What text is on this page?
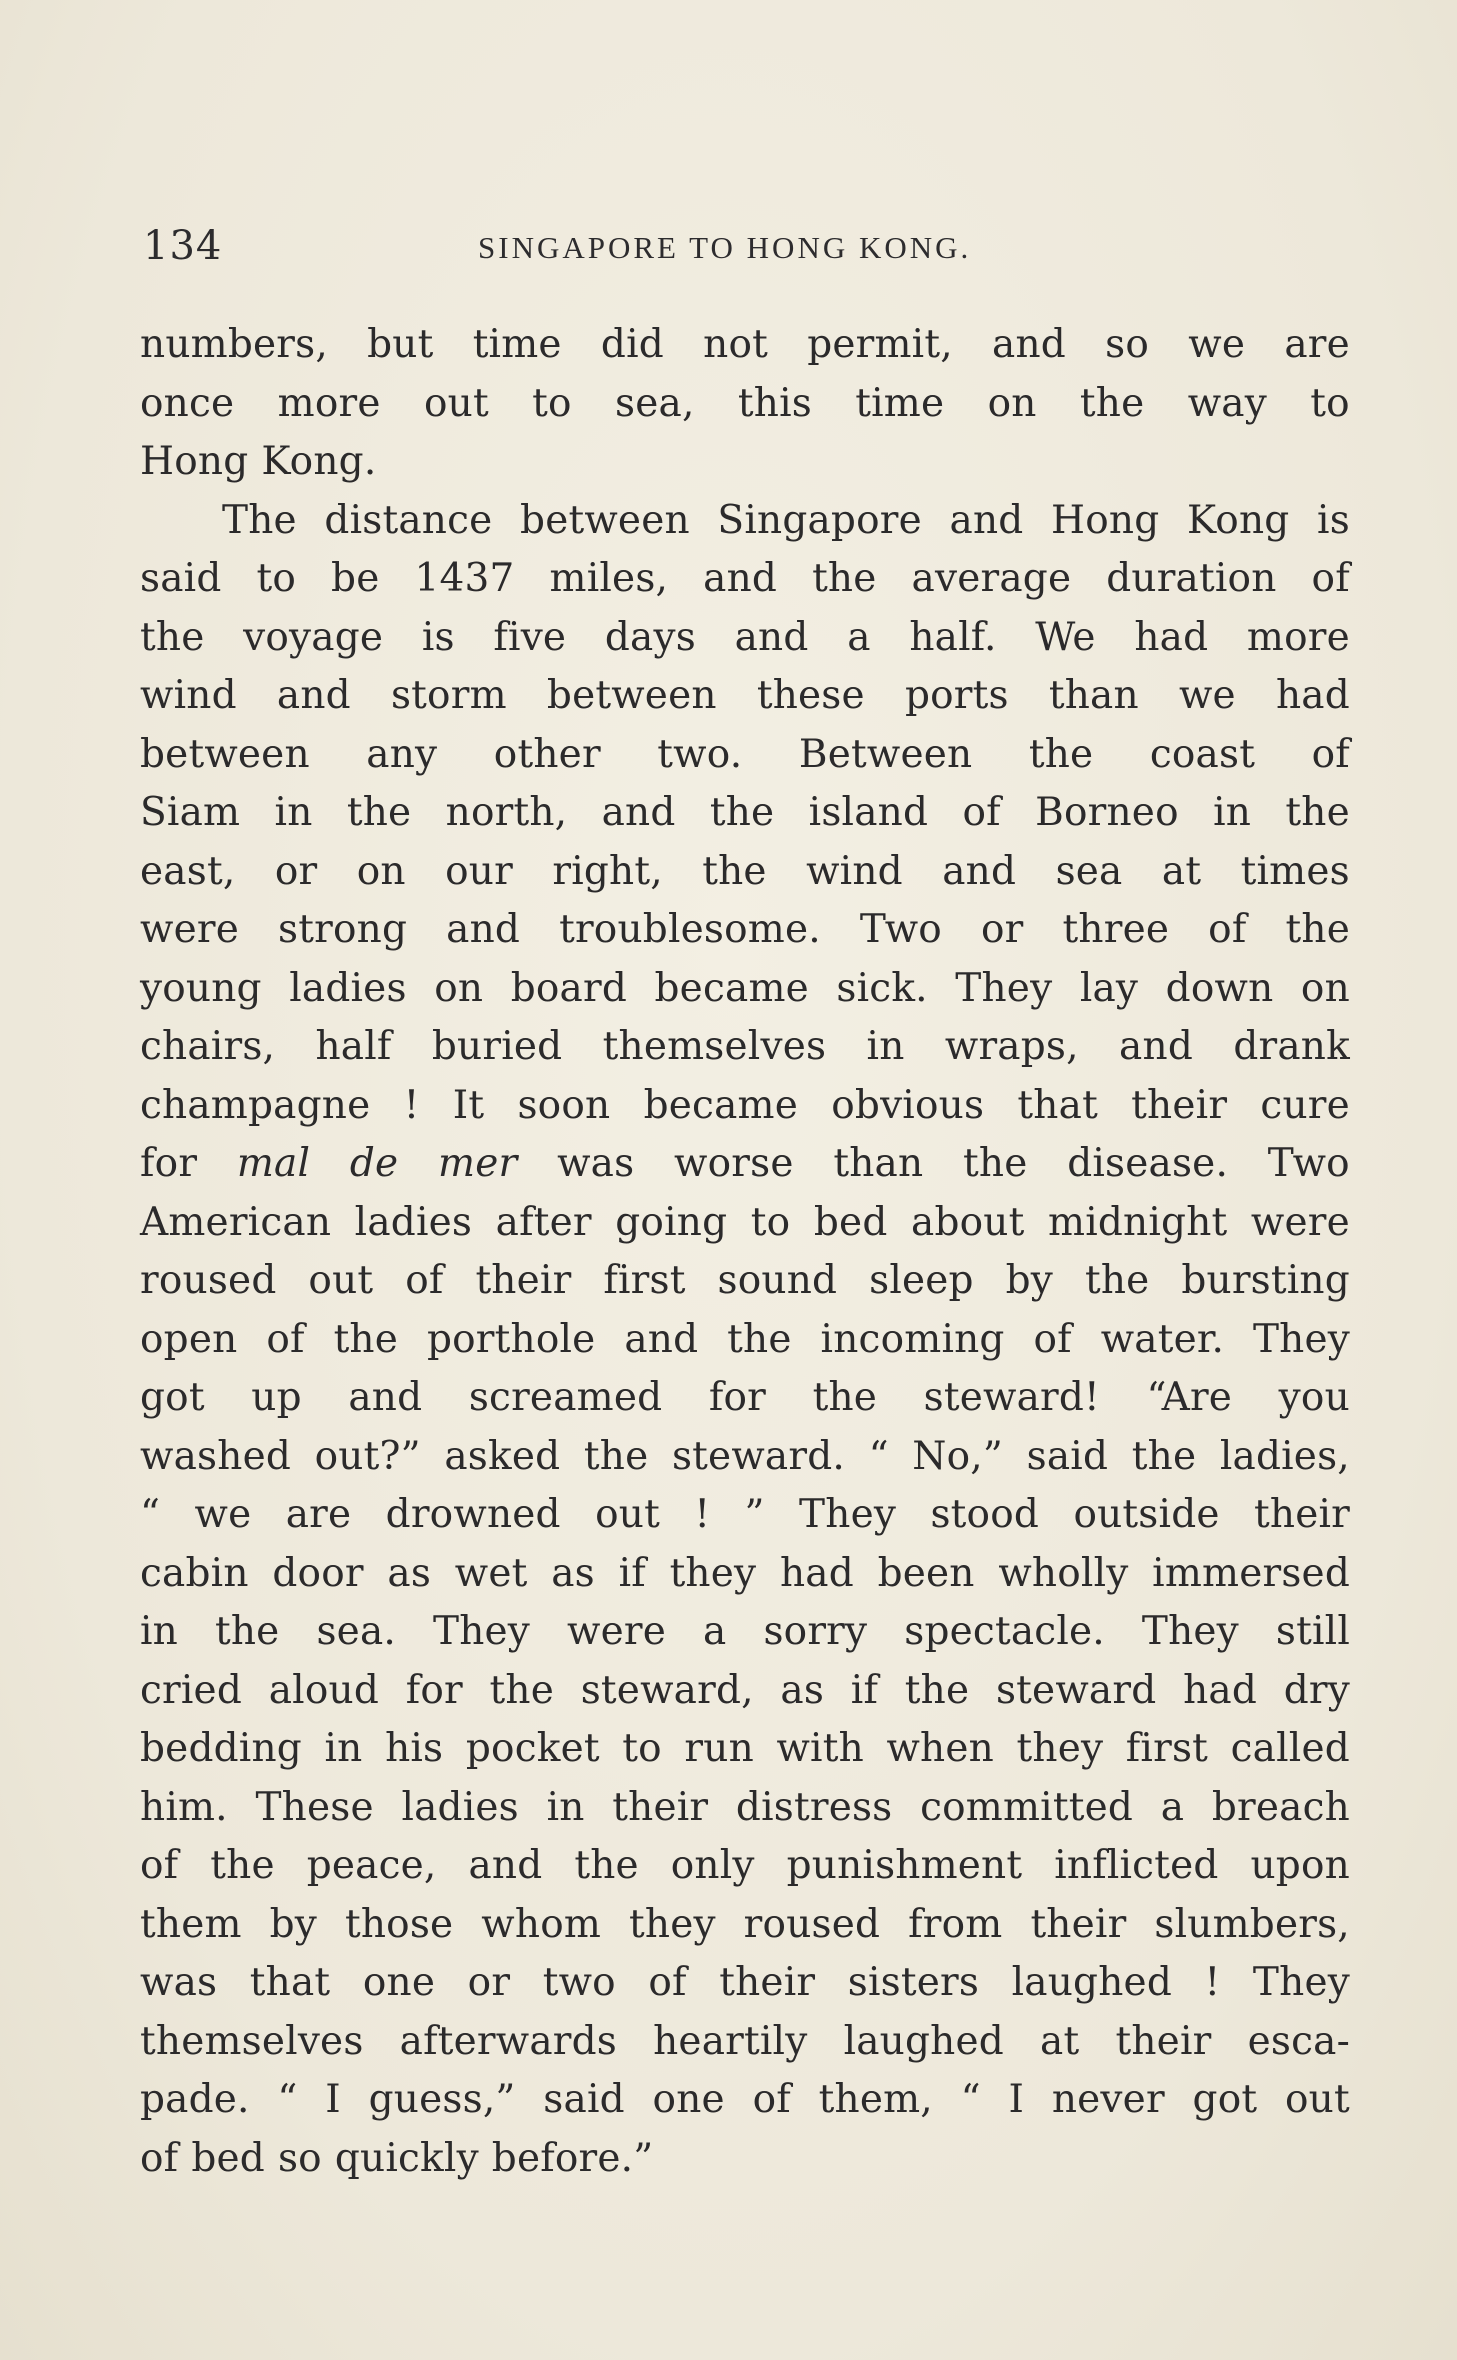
134	SINGAPORE TO HONG KONG.
numbers, but time did not permit, and so we are
once more out to sea, this time on the way to
Hong Kong.
The distance between Singapore and Hong Kong is
said to be 1437 miles, and the average duration of
the voyage is five days and a half. We had more
wind and storm between these ports than we had
between any other two. Between the coast of
Siam in the north, and the island of Borneo in the
east, or on our right, the wind and sea at times
were strong and troublesome. Two or three of the
young ladies on board became sick. They lay down on
chairs, half buried themselves in wraps, and drank
champagne ! It soon became obvious that their cure
for mal de mer was worse than the disease. Two
American ladies after going to bed about midnight were
roused out of their first sound sleep by the bursting
open of the porthole and the incoming of water. They
got up and screamed for the steward! “Are you
washed out?” asked the steward. “ No,” said the ladies,
“ we are drowned out ! ” They stood outside their
cabin door as wet as if they had been wholly immersed
in the sea. They were a sorry spectacle. They still
cried aloud for the steward, as if the steward had dry
bedding in his pocket to run with when they first called
him. These ladies in their distress committed a breach
of the peace, and the only punishment inflicted upon
them by those whom they roused from their slumbers,
was that one or two of their sisters laughed ! They
themselves afterwards heartily laughed at their esca-
pade. “ I guess,” said one of them, “ I never got out
of bed so quickly before.”
